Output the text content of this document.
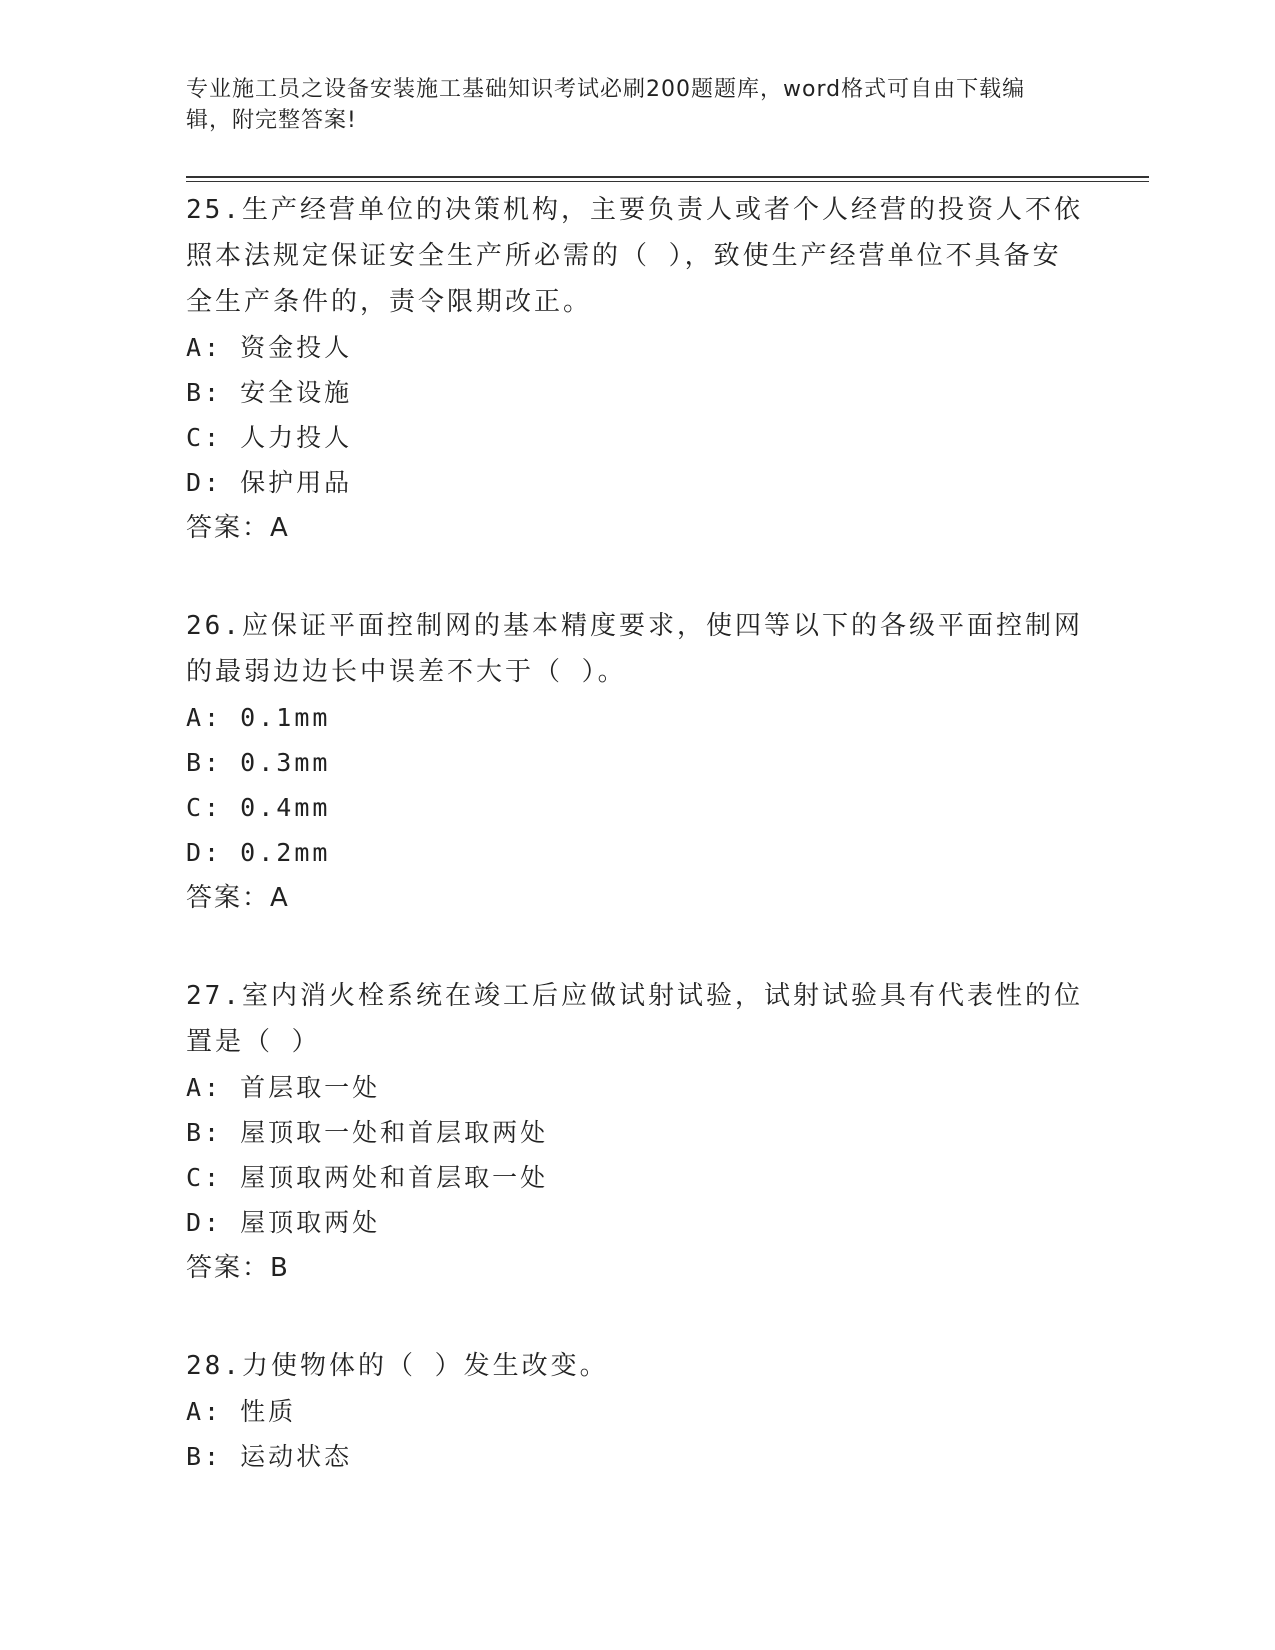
专业施工员之设备安装施工基础知识考试必刷200题题库，word格式可自由下载编辑，附完整答案!

25.生产经营单位的决策机构，主要负责人或者个人经营的投资人不依照本法规定保证安全生产所必需的（ ），致使生产经营单位不具备安全生产条件的，责令限期改正。

A: 资金投人
B: 安全设施
C: 人力投人
D: 保护用品

答案：A

26.应保证平面控制网的基本精度要求，使四等以下的各级平面控制网的最弱边边长中误差不大于（ ）。

A: 0.1mm
B: 0.3mm
C: 0.4mm
D: 0.2mm

答案：A

27.室内消火栓系统在竣工后应做试射试验，试射试验具有代表性的位置是（ ）

A: 首层取一处
B: 屋顶取一处和首层取两处
C: 屋顶取两处和首层取一处
D: 屋顶取两处

答案：B

28.力使物体的（ ）发生改变。

A: 性质
B: 运动状态
